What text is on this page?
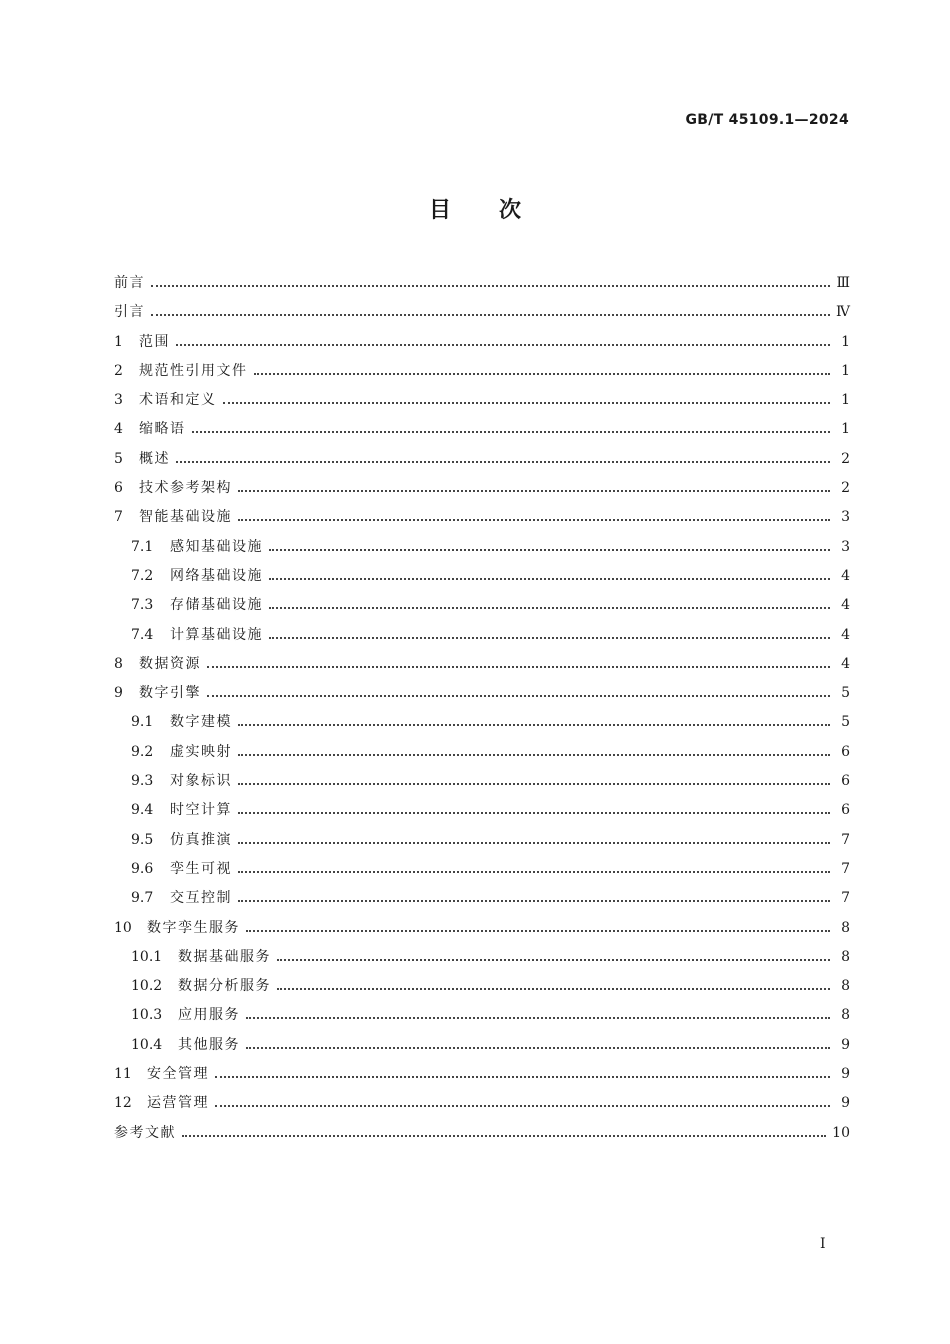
GB/T 45109.1—2024
目 次
前言	Ⅲ
引言	Ⅳ
1	范围	1
2	规范性引用文件	1
3	术语和定义	1
4	缩略语	1
5	概述	2
6	技术参考架构	2
7	智能基础设施	3
7.1	感知基础设施	3
7.2	网络基础设施	4
7.3	存储基础设施	4
7.4	计算基础设施	4
8	数据资源	4
9	数字引擎	5
9.1	数字建模	5
9.2	虚实映射	6
9.3	对象标识	6
9.4	时空计算	6
9.5	仿真推演	7
9.6	孪生可视	7
9.7	交互控制	7
10	数字孪生服务	8
10.1	数据基础服务	8
10.2	数据分析服务	8
10.3	应用服务	8
10.4	其他服务	9
11	安全管理	9
12	运营管理	9
参考文献	10
I
